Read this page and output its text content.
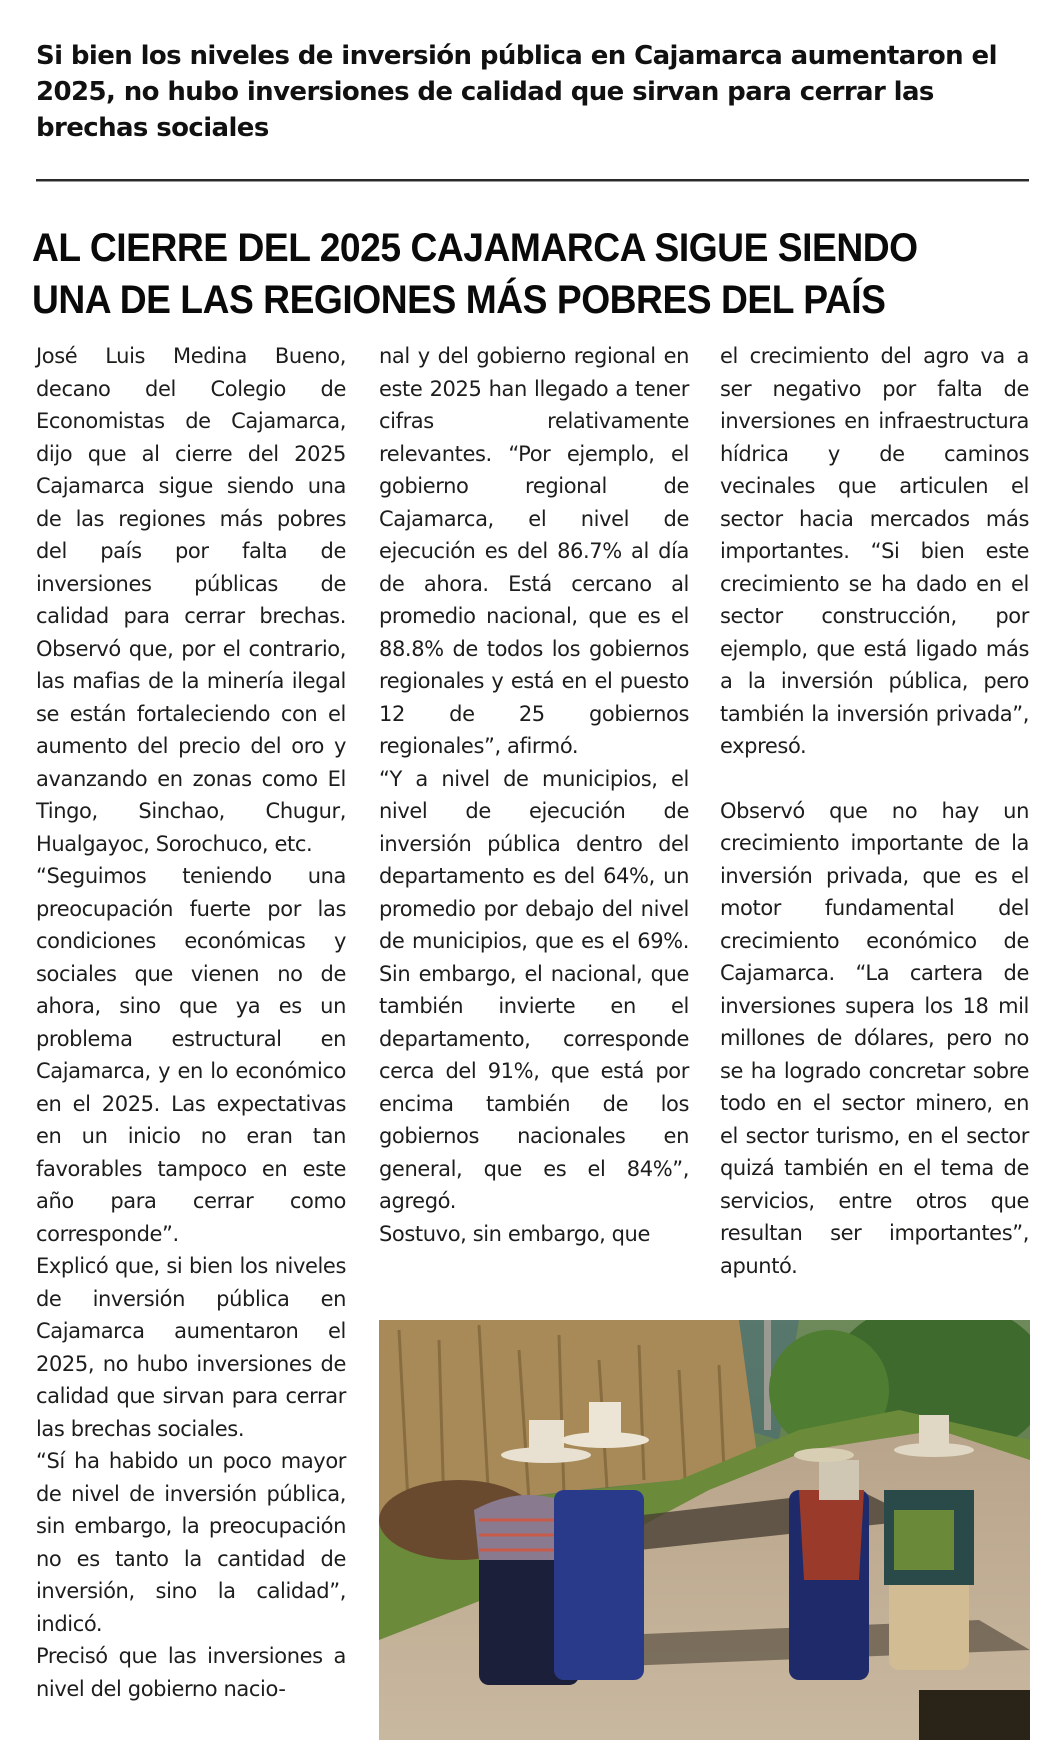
Si bien los niveles de inversión pública en Cajamarca aumentaron el 2025, no hubo inversiones de calidad que sirvan para cerrar las brechas sociales
AL CIERRE DEL 2025 CAJAMARCA SIGUE SIENDO
UNA DE LAS REGIONES MÁS POBRES DEL PAÍS

José Luis Medina Bueno, decano del Colegio de Economistas de Cajamarca, dijo que al cierre del 2025 Cajamarca sigue siendo una de las regiones más pobres del país por falta de inversiones públicas de calidad para cerrar brechas. Observó que, por el contrario, las mafias de la minería ilegal se están fortaleciendo con el aumento del precio del oro y avanzando en zonas como El Tingo, Sinchao, Chugur, Hualgayoc, Sorochuco, etc.

“Seguimos teniendo una preocupación fuerte por las condiciones económicas y sociales que vienen no de ahora, sino que ya es un problema estructural en Cajamarca, y en lo económico en el 2025. Las expectativas en un inicio no eran tan favorables tampoco en este año para cerrar como corresponde”.

Explicó que, si bien los niveles de inversión pública en Cajamarca aumentaron el 2025, no hubo inversiones de calidad que sirvan para cerrar las brechas sociales.

“Sí ha habido un poco mayor de nivel de inversión pública, sin embargo, la preocupación no es tanto la cantidad de inversión, sino la calidad”, indicó.

Precisó que las inversiones a nivel del gobierno nacio-

nal y del gobierno regional en este 2025 han llegado a tener cifras relativamente relevantes. “Por ejemplo, el gobierno regional de Cajamarca, el nivel de ejecución es del 86.7% al día de ahora. Está cercano al promedio nacional, que es el 88.8% de todos los gobiernos regionales y está en el puesto 12 de 25 gobiernos regionales”, afirmó.

“Y a nivel de municipios, el nivel de ejecución de inversión pública dentro del departamento es del 64%, un promedio por debajo del nivel de municipios, que es el 69%. Sin embargo, el nacional, que también invierte en el departamento, corresponde cerca del 91%, que está por encima también de los gobiernos nacionales en general, que es el 84%”, agregó.

Sostuvo, sin embargo, que

el crecimiento del agro va a ser negativo por falta de inversiones en infraestructura hídrica y de caminos vecinales que articulen el sector hacia mercados más importantes. “Si bien este crecimiento se ha dado en el sector construcción, por ejemplo, que está ligado más a la inversión pública, pero también la inversión privada”, expresó.

Observó que no hay un crecimiento importante de la inversión privada, que es el motor fundamental del crecimiento económico de Cajamarca. “La cartera de inversiones supera los 18 mil millones de dólares, pero no se ha logrado concretar sobre todo en el sector minero, en el sector turismo, en el sector quizá también en el tema de servicios, entre otros que resultan ser importantes”, apuntó.
